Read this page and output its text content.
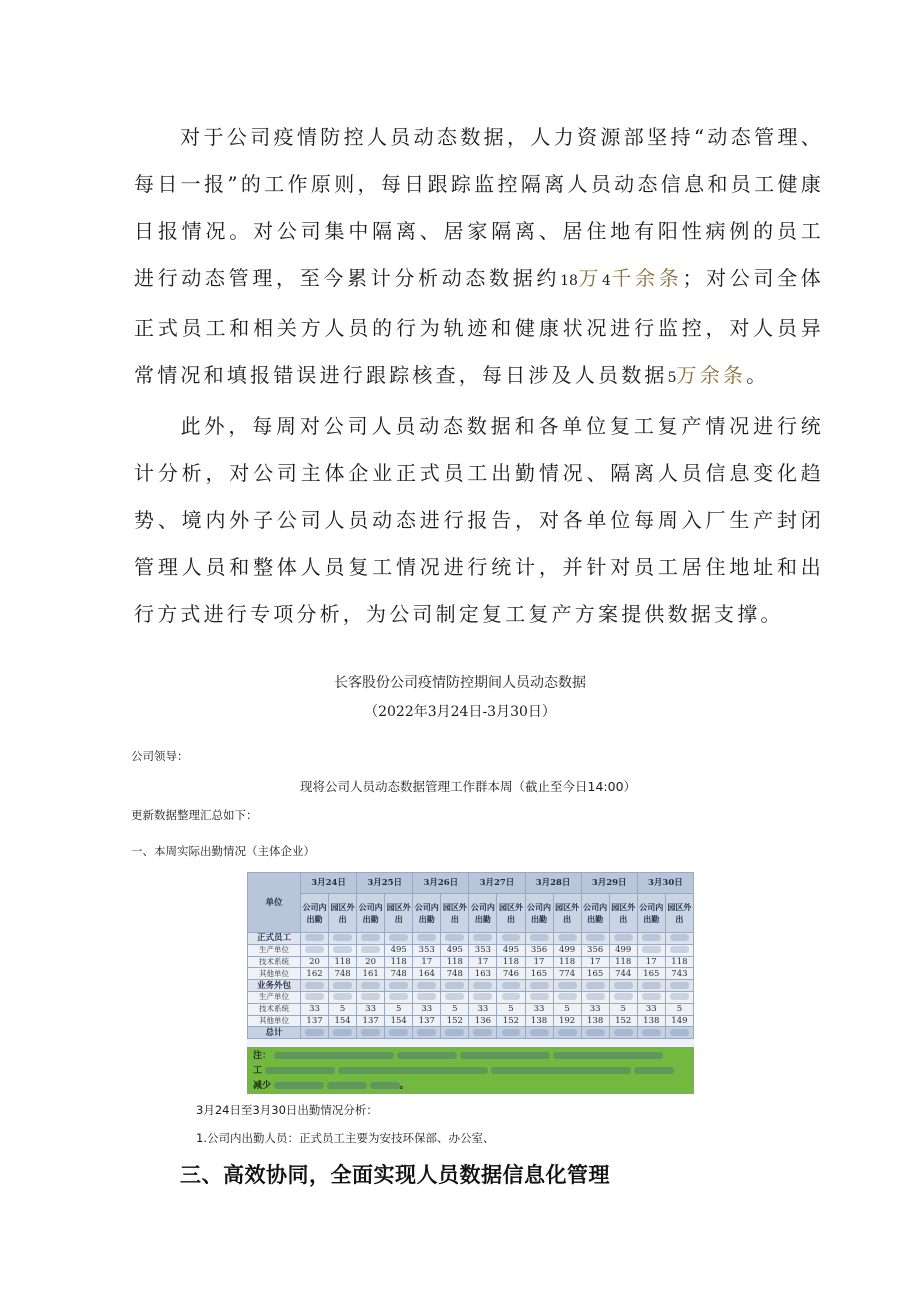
对于公司疫情防控人员动态数据，人力资源部坚持“动态管理、每日一报”的工作原则，每日跟踪监控隔离人员动态信息和员工健康日报情况。对公司集中隔离、居家隔离、居住地有阳性病例的员工进行动态管理，至今累计分析动态数据约18万4千余条；对公司全体正式员工和相关方人员的行为轨迹和健康状况进行监控，对人员异常情况和填报错误进行跟踪核查，每日涉及人员数据5万余条。
此外，每周对公司人员动态数据和各单位复工复产情况进行统计分析，对公司主体企业正式员工出勤情况、隔离人员信息变化趋势、境内外子公司人员动态进行报告，对各单位每周入厂生产封闭管理人员和整体人员复工情况进行统计，并针对员工居住地址和出行方式进行专项分析，为公司制定复工复产方案提供数据支撑。
长客股份公司疫情防控期间人员动态数据
（2022年3月24日-3月30日）
公司领导：
现将公司人员动态数据管理工作群本周（截止至今日14:00）
更新数据整理汇总如下：
一、本周实际出勤情况（主体企业）
单位	3月24日		3月25日		3月26日		3月27日		3月28日		3月29日		3月30日	
	公司内出勤	园区外出	公司内出勤	园区外出	公司内出勤	园区外出	公司内出勤	园区外出	公司内出勤	园区外出	公司内出勤	园区外出	公司内出勤	园区外出
正式员工														
生产单位				495	353	495	353	495	356	499	356	499		
技术系统	20	118	20	118	17	118	17	118	17	118	17	118	17	118
其他单位	162	748	161	748	164	748	163	746	165	774	165	744	165	743
业务外包														
生产单位														
技术系统	33	5	33	5	33	5	33	5	33	5	33	5	33	5
其他单位	137	154	137	154	137	152	136	152	138	192	138	152	138	149
总计														
注：
工
减少	。
3月24日至3月30日出勤情况分析：
1.公司内出勤人员：正式员工主要为安技环保部、办公室、
三、高效协同，全面实现人员数据信息化管理
